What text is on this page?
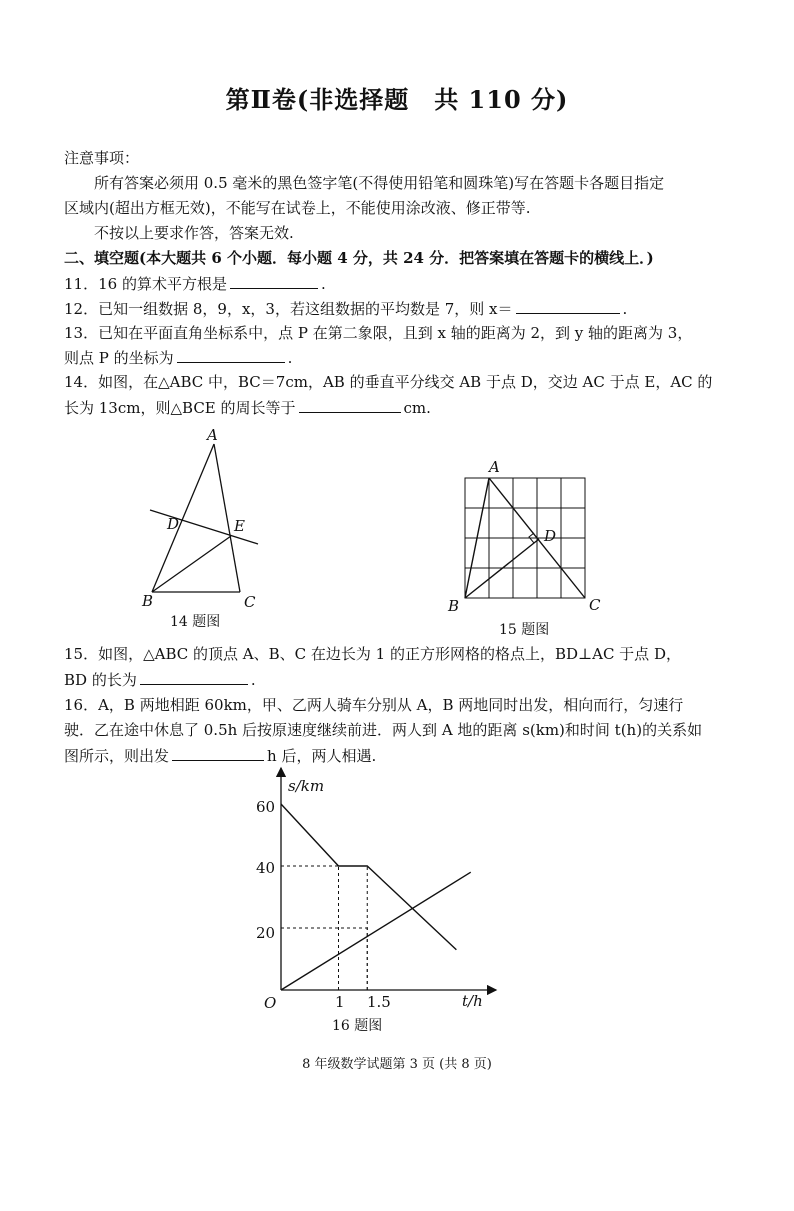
第Ⅱ卷(非选择题　共 110 分)
注意事项：
所有答案必须用 0.5 毫米的黑色签字笔(不得使用铅笔和圆珠笔)写在答题卡各题目指定
区域内(超出方框无效)，不能写在试卷上，不能使用涂改液、修正带等.
不按以上要求作答，答案无效.
二、填空题(本大题共 6 个小题．每小题 4 分，共 24 分．把答案填在答题卡的横线上．)
11．16 的算术平方根是	.
12．已知一组数据 8，9，x，3，若这组数据的平均数是 7，则 x＝	.
13．已知在平面直角坐标系中，点 P 在第二象限，且到 x 轴的距离为 2，到 y 轴的距离为 3，
则点 P 的坐标为	.
14．如图，在△ABC 中，BC＝7cm，AB 的垂直平分线交 AB 于点 D，交边 AC 于点 E，AC 的
长为 13cm，则△BCE 的周长等于	cm.
A
D	E
B	C
14 题图
A
D
B	C
15 题图
15．如图，△ABC 的顶点 A、B、C 在边长为 1 的正方形网格的格点上，BD⊥AC 于点 D，
BD 的长为	.
16．A，B 两地相距 60km，甲、乙两人骑车分别从 A，B 两地同时出发，相向而行，匀速行
驶．乙在途中休息了 0.5h 后按原速度继续前进．两人到 A 地的距离 s(km)和时间 t(h)的关系如
图所示，则出发	h 后，两人相遇.
s/km
t/h
O
60
40
20
1 1.5
16 题图
8 年级数学试题第 3 页 (共 8 页)
